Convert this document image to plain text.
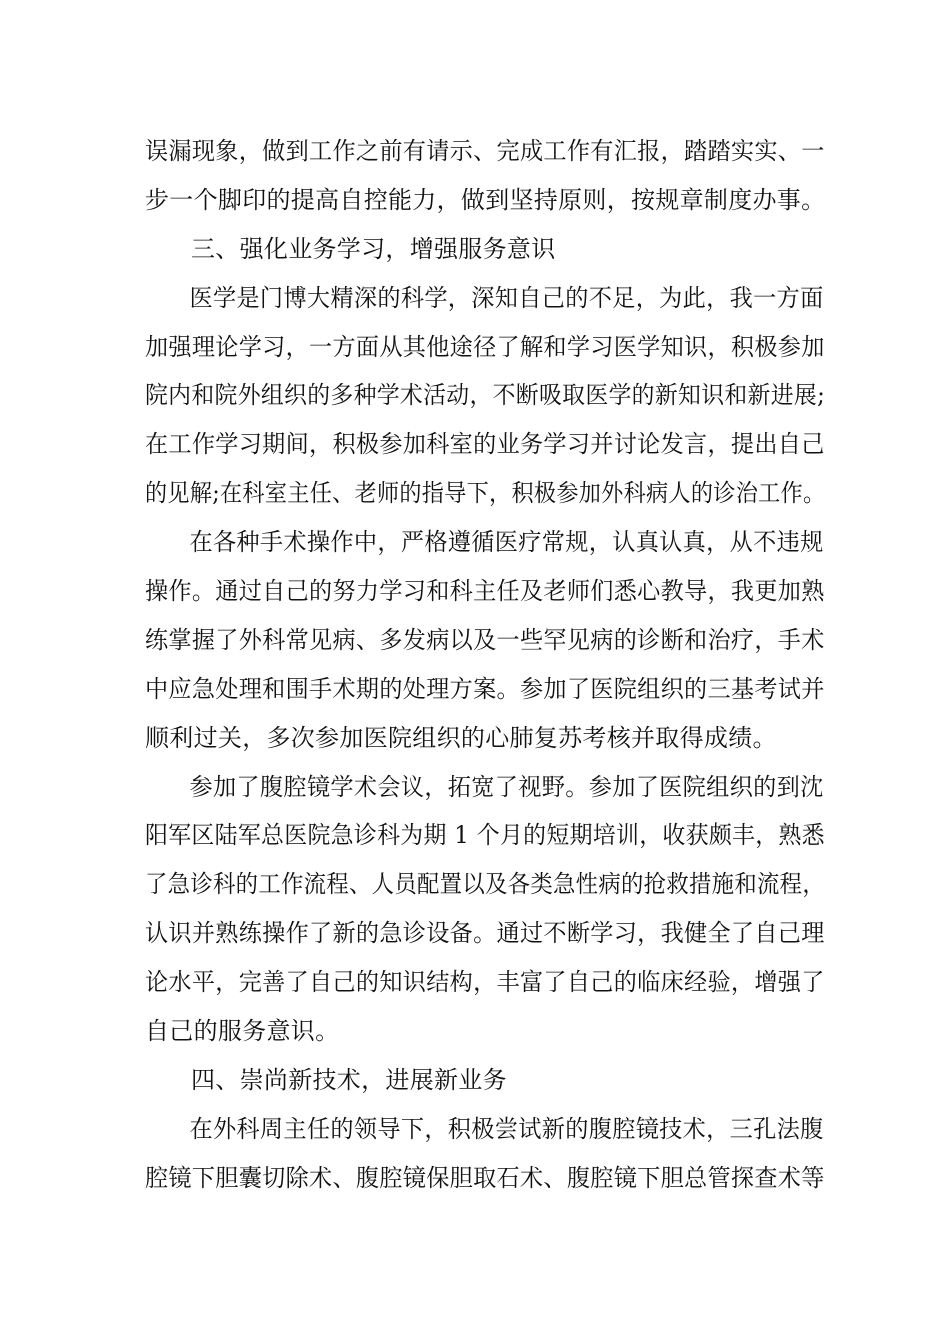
误漏现象，做到工作之前有请示、完成工作有汇报，踏踏实实、一
步一个脚印的提高自控能力，做到坚持原则，按规章制度办事。
三、强化业务学习，增强服务意识
医学是门博大精深的科学，深知自己的不足，为此，我一方面
加强理论学习，一方面从其他途径了解和学习医学知识，积极参加
院内和院外组织的多种学术活动，不断吸取医学的新知识和新进展;
在工作学习期间，积极参加科室的业务学习并讨论发言，提出自己
的见解;在科室主任、老师的指导下，积极参加外科病人的诊治工作。
在各种手术操作中，严格遵循医疗常规，认真认真，从不违规
操作。通过自己的努力学习和科主任及老师们悉心教导，我更加熟
练掌握了外科常见病、多发病以及一些罕见病的诊断和治疗，手术
中应急处理和围手术期的处理方案。参加了医院组织的三基考试并
顺利过关，多次参加医院组织的心肺复苏考核并取得成绩。
参加了腹腔镜学术会议，拓宽了视野。参加了医院组织的到沈
阳军区陆军总医院急诊科为期 1 个月的短期培训，收获颇丰，熟悉
了急诊科的工作流程、人员配置以及各类急性病的抢救措施和流程，
认识并熟练操作了新的急诊设备。通过不断学习，我健全了自己理
论水平，完善了自己的知识结构，丰富了自己的临床经验，增强了
自己的服务意识。
四、崇尚新技术，进展新业务
在外科周主任的领导下，积极尝试新的腹腔镜技术，三孔法腹
腔镜下胆囊切除术、腹腔镜保胆取石术、腹腔镜下胆总管探查术等
